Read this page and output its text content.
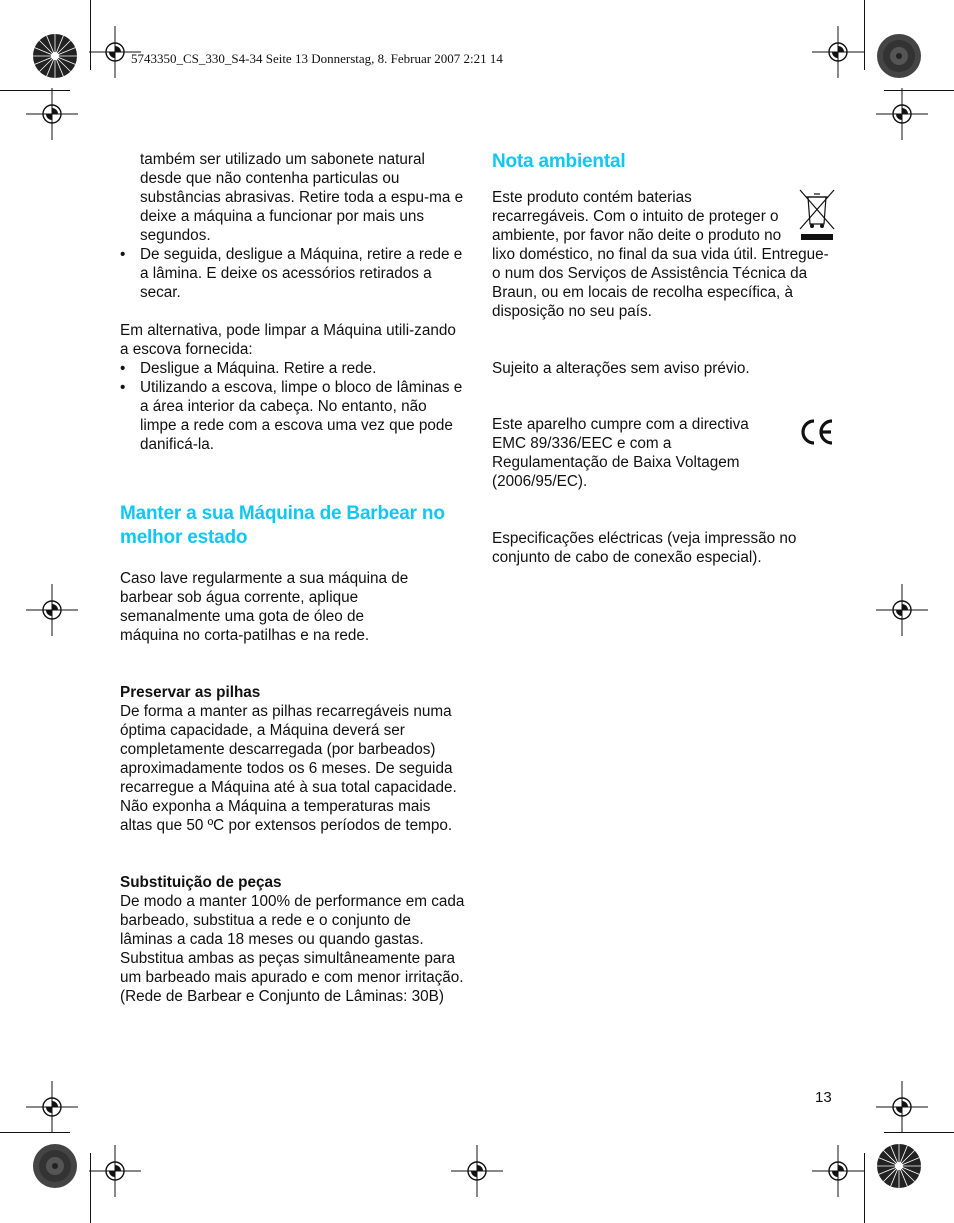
5743350_CS_330_S4-34 Seite 13 Donnerstag, 8. Februar 2007 2:21 14

também ser utilizado um sabonete natural desde que não contenha particulas ou substâncias abrasivas. Retire toda a espu-ma e deixe a máquina a funcionar por mais uns segundos.

• De seguida, desligue a Máquina, retire a rede e a lâmina. E deixe os acessórios retirados a secar.

Em alternativa, pode limpar a Máquina utili-zando a escova fornecida:

• Desligue a Máquina. Retire a rede.
• Utilizando a escova, limpe o bloco de lâminas e a área interior da cabeça. No entanto, não limpe a rede com a escova uma vez que pode danificá-la.
Manter a sua Máquina de Barbear no melhor estado

Caso lave regularmente a sua máquina de barbear sob água corrente, aplique semanalmente uma gota de óleo de máquina no corta-patilhas e na rede.

Preservar as pilhas

De forma a manter as pilhas recarregáveis numa óptima capacidade, a Máquina deverá ser completamente descarregada (por barbeados) aproximadamente todos os 6 meses. De seguida recarregue a Máquina até à sua total capacidade. Não exponha a Máquina a temperaturas mais altas que 50 ºC por extensos períodos de tempo.

Substituição de peças

De modo a manter 100% de performance em cada barbeado, substitua a rede e o conjunto de lâminas a cada 18 meses ou quando gastas. Substitua ambas as peças simultâneamente para um barbeado mais apurado e com menor irritação. (Rede de Barbear e Conjunto de Lâminas: 30B)

Nota ambiental

Este produto contém baterias recarregáveis. Com o intuito de proteger o ambiente, por favor não deite o produto no lixo doméstico, no final da sua vida útil. Entregue-o num dos Serviços de Assistência Técnica da Braun, ou em locais de recolha específica, à disposição no seu país.

Sujeito a alterações sem aviso prévio.

Este aparelho cumpre com a directiva EMC 89/336/EEC e com a Regulamentação de Baixa Voltagem (2006/95/EC).

Especificações eléctricas (veja impressão no conjunto de cabo de conexão especial).

13
